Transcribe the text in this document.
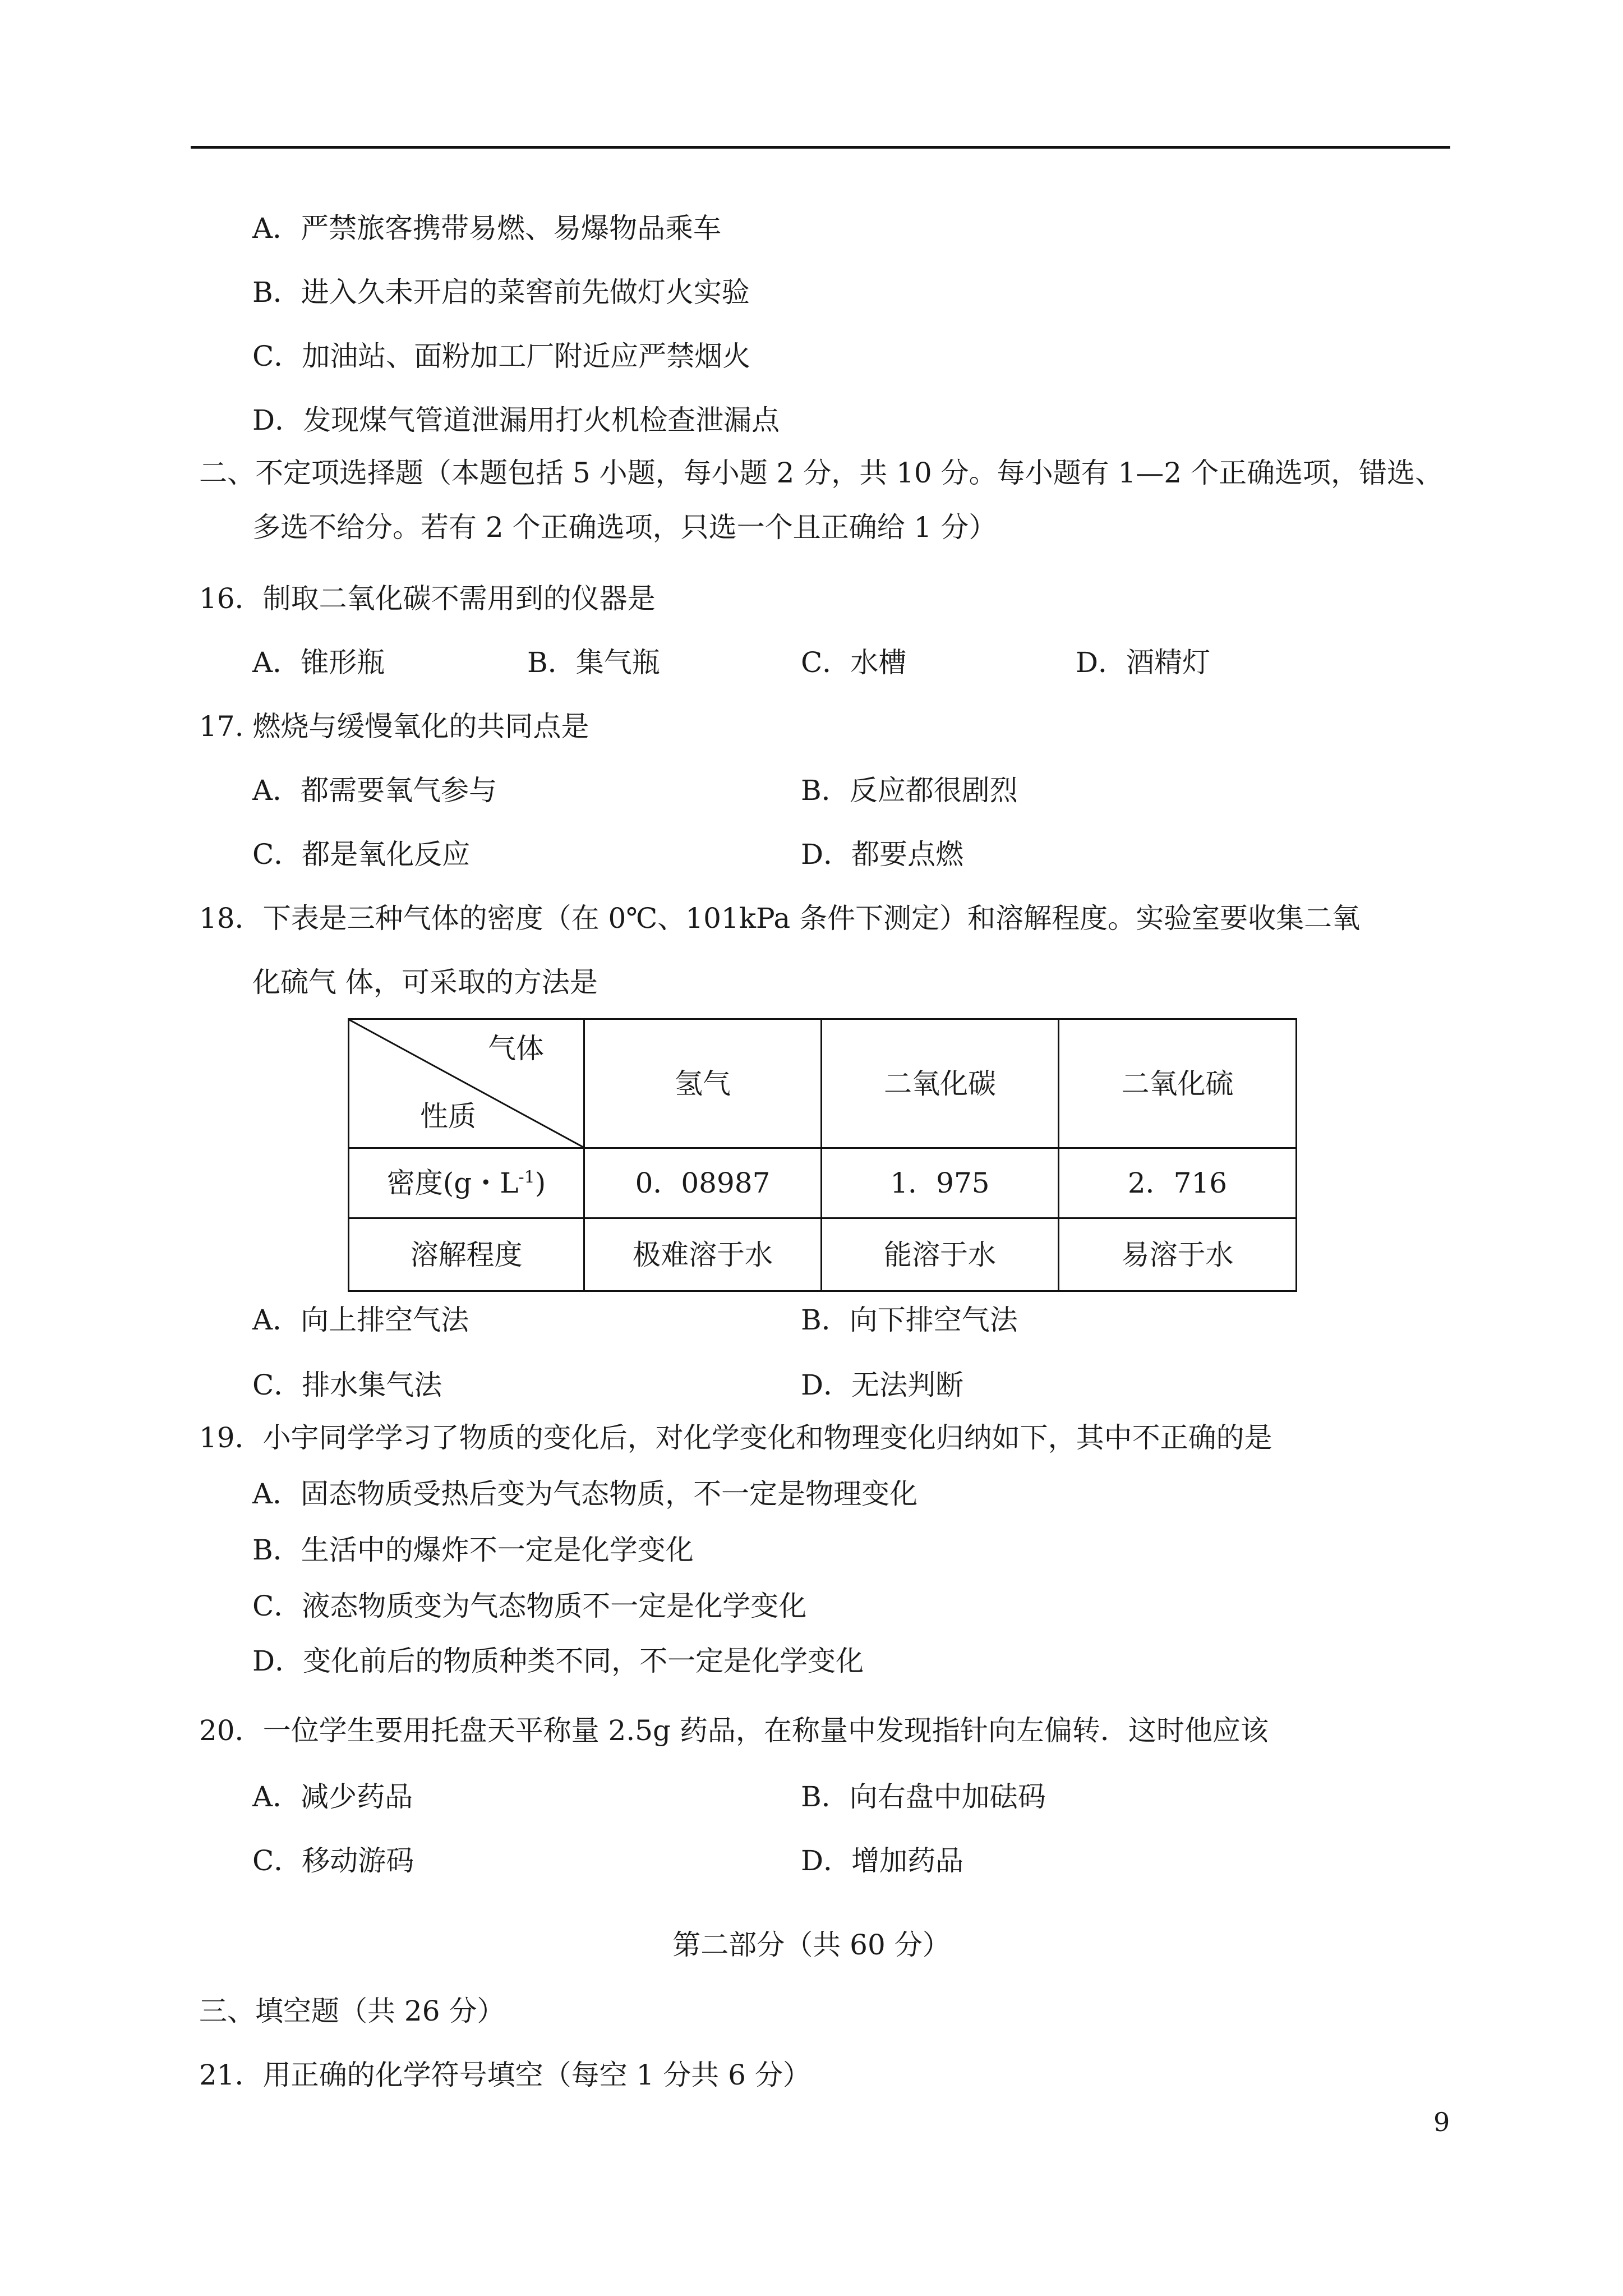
A．严禁旅客携带易燃、易爆物品乘车
B．进入久未开启的菜窖前先做灯火实验
C．加油站、面粉加工厂附近应严禁烟火
D．发现煤气管道泄漏用打火机检查泄漏点
二、不定项选择题（本题包括 5 小题，每小题 2 分，共 10 分。每小题有 1—2 个正确选项，错选、
多选不给分。若有 2 个正确选项，只选一个且正确给 1 分）
16．制取二氧化碳不需用到的仪器是
A．锥形瓶	B．集气瓶	C．水槽	D．酒精灯
17. 燃烧与缓慢氧化的共同点是
A．都需要氧气参与	B．反应都很剧烈
C．都是氧化反应	D．都要点燃
18．下表是三种气体的密度（在 0℃、101kPa 条件下测定）和溶解程度。实验室要收集二氧
化硫气 体，可采取的方法是
气体
性质	氢气	二氧化碳	二氧化硫
密度(g・$L^{-1}$)	0．08987	1．975	2．716
溶解程度	极难溶于水	能溶于水	易溶于水
A．向上排空气法	B．向下排空气法
C．排水集气法	D．无法判断
19．小宇同学学习了物质的变化后，对化学变化和物理变化归纳如下，其中不正确的是
A．固态物质受热后变为气态物质，不一定是物理变化
B．生活中的爆炸不一定是化学变化
C．液态物质变为气态物质不一定是化学变化
D．变化前后的物质种类不同，不一定是化学变化
20．一位学生要用托盘天平称量 2.5g 药品，在称量中发现指针向左偏转．这时他应该
A．减少药品	B．向右盘中加砝码
C．移动游码	D．增加药品
第二部分（共 60 分）
三、填空题（共 26 分）
21．用正确的化学符号填空（每空 1 分共 6 分）
9
